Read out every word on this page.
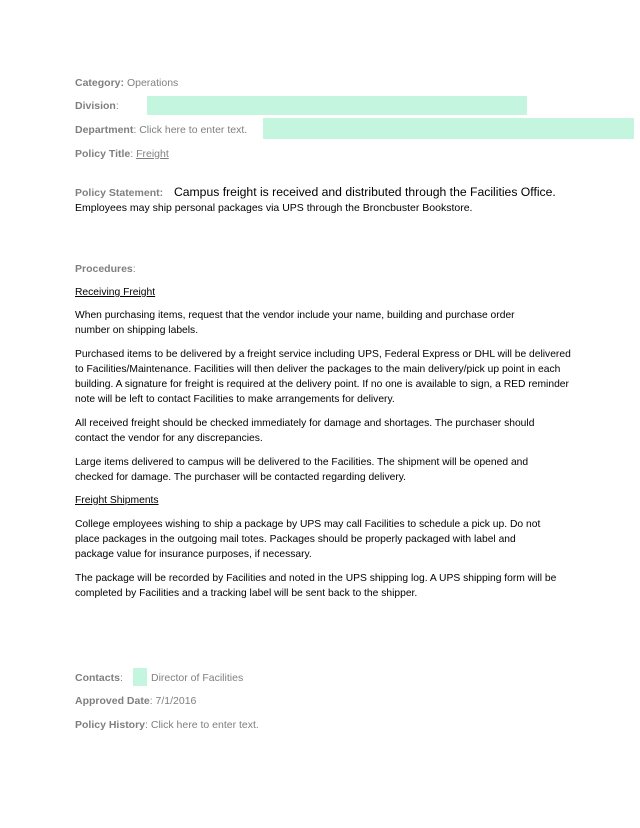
Category: Operations
Division:
Department: Click here to enter text.
Policy Title: Freight
Policy Statement: Campus freight is received and distributed through the Facilities Office.
Employees may ship personal packages via UPS through the Broncbuster Bookstore.
Procedures:
Receiving Freight
When purchasing items, request that the vendor include your name, building and purchase order number on shipping labels.
Purchased items to be delivered by a freight service including UPS, Federal Express or DHL will be delivered to Facilities/Maintenance. Facilities will then deliver the packages to the main delivery/pick up point in each building. A signature for freight is required at the delivery point. If no one is available to sign, a RED reminder note will be left to contact Facilities to make arrangements for delivery.
All received freight should be checked immediately for damage and shortages. The purchaser should contact the vendor for any discrepancies.
Large items delivered to campus will be delivered to the Facilities. The shipment will be opened and checked for damage. The purchaser will be contacted regarding delivery.
Freight Shipments
College employees wishing to ship a package by UPS may call Facilities to schedule a pick up. Do not place packages in the outgoing mail totes. Packages should be properly packaged with label and package value for insurance purposes, if necessary.
The package will be recorded by Facilities and noted in the UPS shipping log. A UPS shipping form will be completed by Facilities and a tracking label will be sent back to the shipper.
Contacts:	Director of Facilities
Approved Date: 7/1/2016
Policy History: Click here to enter text.
